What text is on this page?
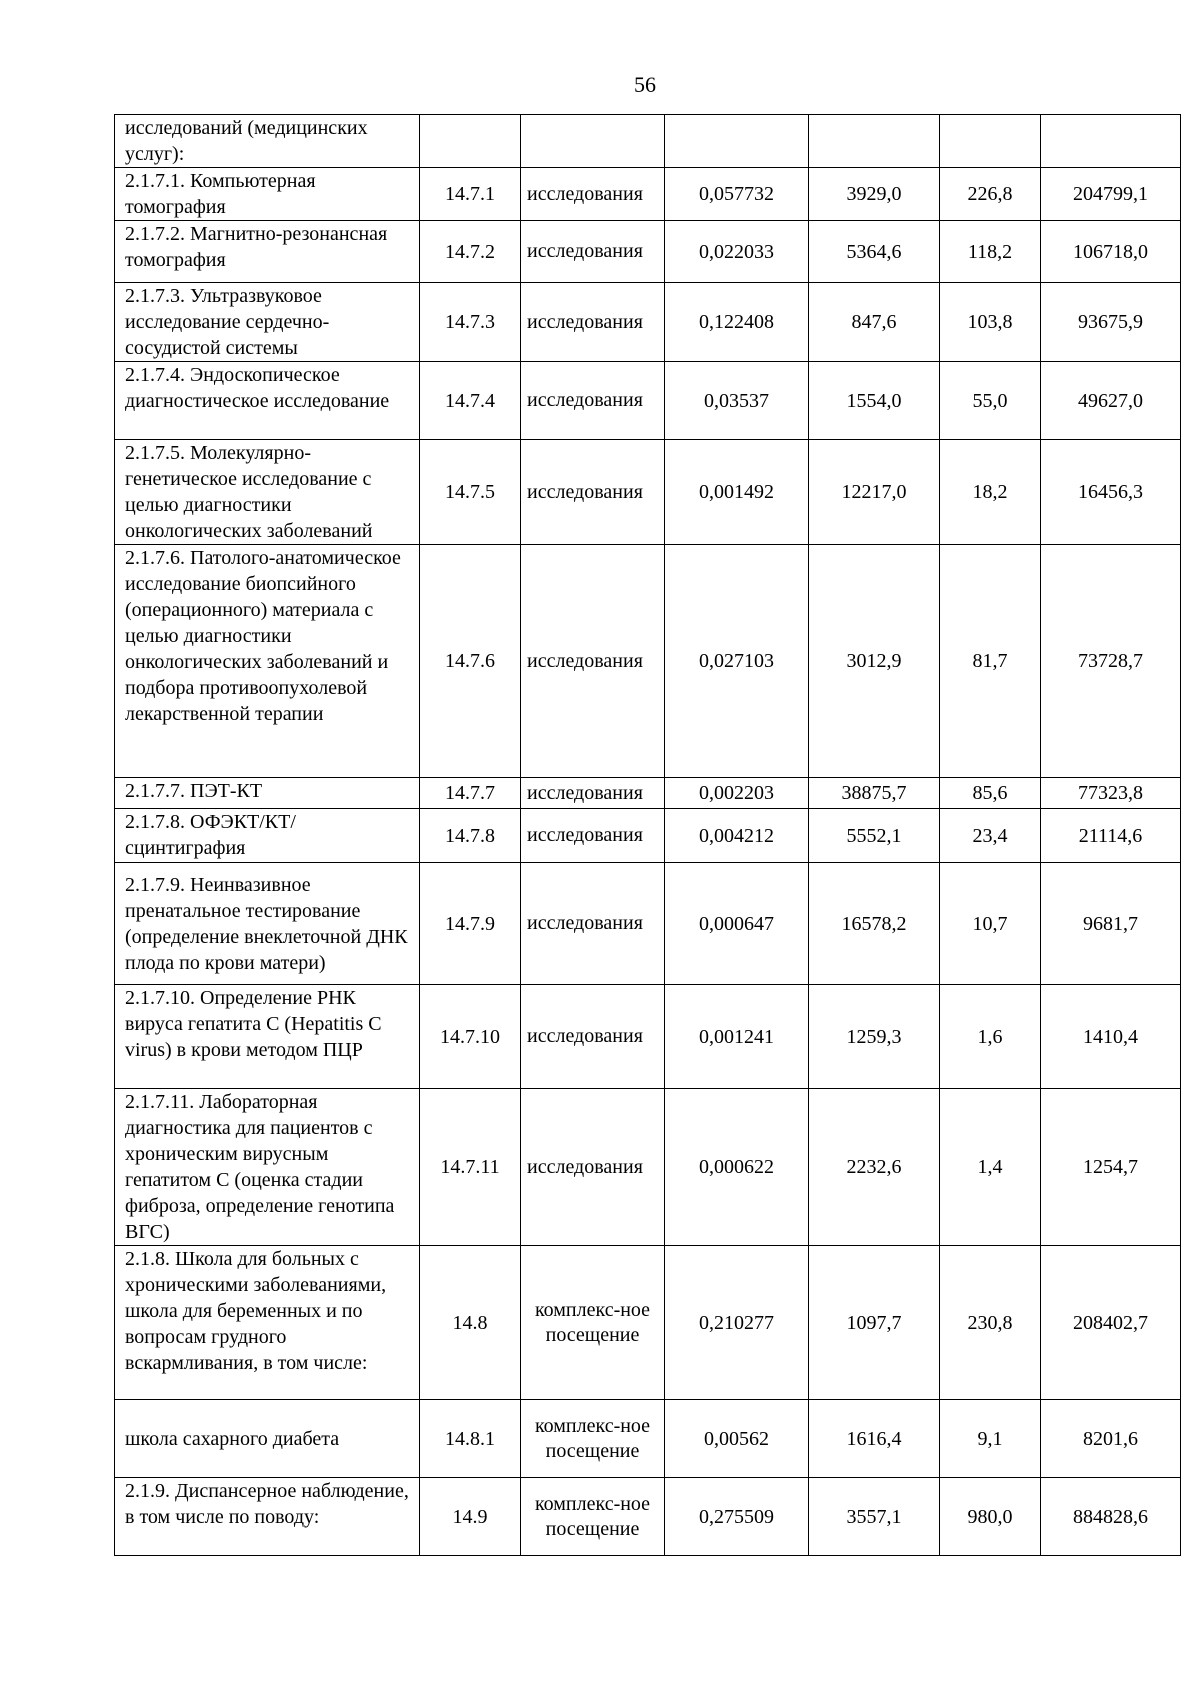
56
исследований (медицинских услуг):						
2.1.7.1. Компьютерная томография	14.7.1	исследования	0,057732	3929,0	226,8	204799,1
2.1.7.2. Магнитно-резонансная томография	14.7.2	исследования	0,022033	5364,6	118,2	106718,0
2.1.7.3. Ультразвуковое исследование сердечно-сосудистой системы	14.7.3	исследования	0,122408	847,6	103,8	93675,9
2.1.7.4. Эндоскопическое диагностическое исследование	14.7.4	исследования	0,03537	1554,0	55,0	49627,0
2.1.7.5. Молекулярно-генетическое исследование с целью диагностики онкологических заболеваний	14.7.5	исследования	0,001492	12217,0	18,2	16456,3
2.1.7.6. Патолого-анатомическое исследование биопсийного (операционного) материала с целью диагностики онкологических заболеваний и подбора противоопухолевой лекарственной терапии	14.7.6	исследования	0,027103	3012,9	81,7	73728,7
2.1.7.7. ПЭТ-КТ	14.7.7	исследования	0,002203	38875,7	85,6	77323,8
2.1.7.8. ОФЭКТ/КТ/сцинтиграфия	14.7.8	исследования	0,004212	5552,1	23,4	21114,6
2.1.7.9. Неинвазивное пренатальное тестирование (определение внеклеточной ДНК плода по крови матери)	14.7.9	исследования	0,000647	16578,2	10,7	9681,7
2.1.7.10. Определение РНК вируса гепатита С (Hepatitis C virus) в крови методом ПЦР	14.7.10	исследования	0,001241	1259,3	1,6	1410,4
2.1.7.11. Лабораторная диагностика для пациентов с хроническим вирусным гепатитом С (оценка стадии фиброза, определение генотипа ВГС)	14.7.11	исследования	0,000622	2232,6	1,4	1254,7
2.1.8. Школа для больных с хроническими заболеваниями, школа для беременных и по вопросам грудного вскармливания, в том числе:	14.8	комплекс-ное посещение	0,210277	1097,7	230,8	208402,7
школа сахарного диабета	14.8.1	комплекс-ное посещение	0,00562	1616,4	9,1	8201,6
2.1.9. Диспансерное наблюдение, в том числе по поводу:	14.9	комплекс-ное посещение	0,275509	3557,1	980,0	884828,6
